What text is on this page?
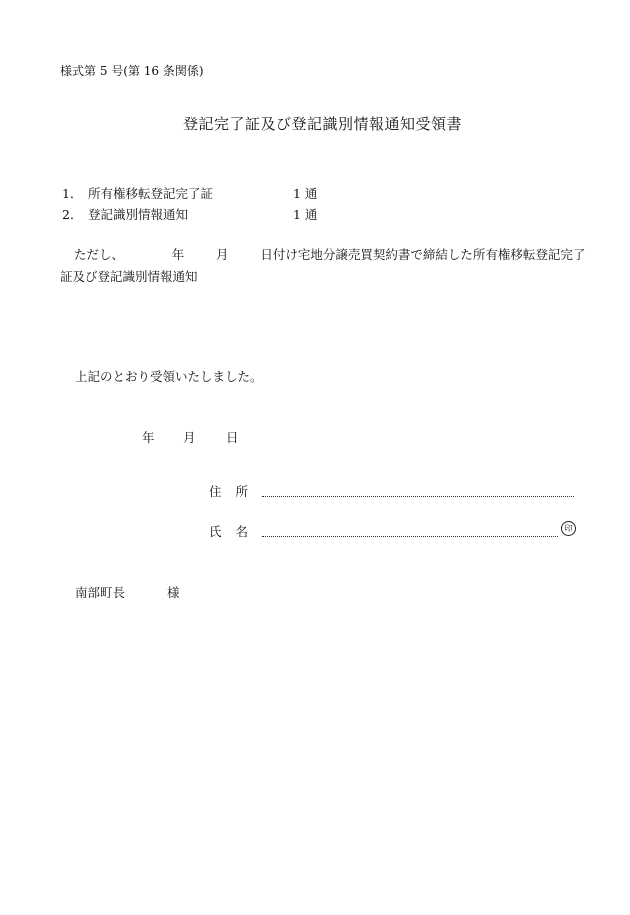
様式第 5 号(第 16 条関係)
登記完了証及び登記識別情報通知受領書
1． 所有権移転登記完了証	1 通
2． 登記識別情報通知	1 通
ただし、	年	月	日付け宅地分譲売買契約書で締結した所有権移転登記完了証及び登記識別情報通知
上記のとおり受領いたしました。
年 月 日
住所
氏名	印
南部町長	様
